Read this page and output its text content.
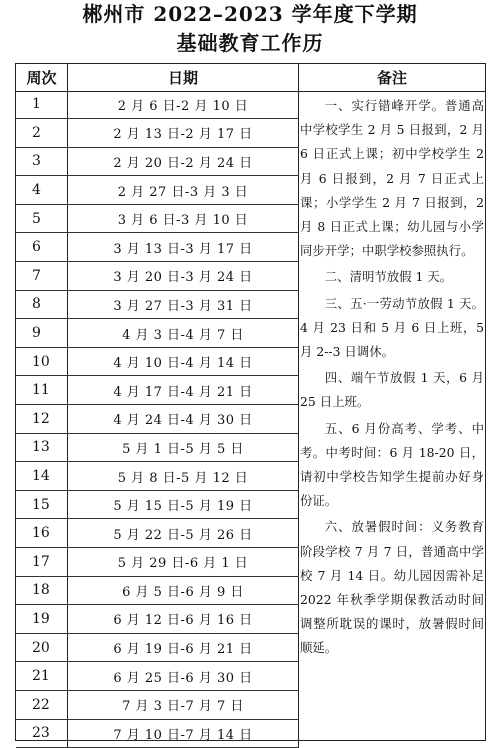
郴州市 2022–2023 学年度下学期
基础教育工作历
周次	日期	备注
1	2 月 6 日-2 月 10 日
2	2 月 13 日-2 月 17 日
3	2 月 20 日-2 月 24 日
4	2 月 27 日-3 月 3 日
5	3 月 6 日-3 月 10 日
6	3 月 13 日-3 月 17 日
7	3 月 20 日-3 月 24 日
8	3 月 27 日-3 月 31 日
9	4 月 3 日-4 月 7 日
10	4 月 10 日-4 月 14 日
11	4 月 17 日-4 月 21 日
12	4 月 24 日-4 月 30 日
13	5 月 1 日-5 月 5 日
14	5 月 8 日-5 月 12 日
15	5 月 15 日-5 月 19 日
16	5 月 22 日-5 月 26 日
17	5 月 29 日-6 月 1 日
18	6 月 5 日-6 月 9 日
19	6 月 12 日-6 月 16 日
20	6 月 19 日-6 月 21 日
21	6 月 25 日-6 月 30 日
22	7 月 3 日-7 月 7 日
23	7 月 10 日-7 月 14 日

一、实行错峰开学。普通高中学校学生 2 月 5 日报到，2 月 6 日正式上课；初中学校学生 2 月 6 日报到，2 月 7 日正式上课；小学学生 2 月 7 日报到，2 月 8 日正式上课；幼儿园与小学同步开学；中职学校参照执行。

二、清明节放假 1 天。

三、五·一劳动节放假 1 天。4 月 23 日和 5 月 6 日上班，5 月 2--3 日调休。

四、端午节放假 1 天，6 月 25 日上班。

五、6 月份高考、学考、中考。中考时间：6 月 18-20 日，请初中学校告知学生提前办好身份证。

六、放暑假时间：义务教育阶段学校 7 月 7 日，普通高中学校 7 月 14 日。幼儿园因需补足 2022 年秋季学期保教活动时间调整所耽误的课时，放暑假时间顺延。
